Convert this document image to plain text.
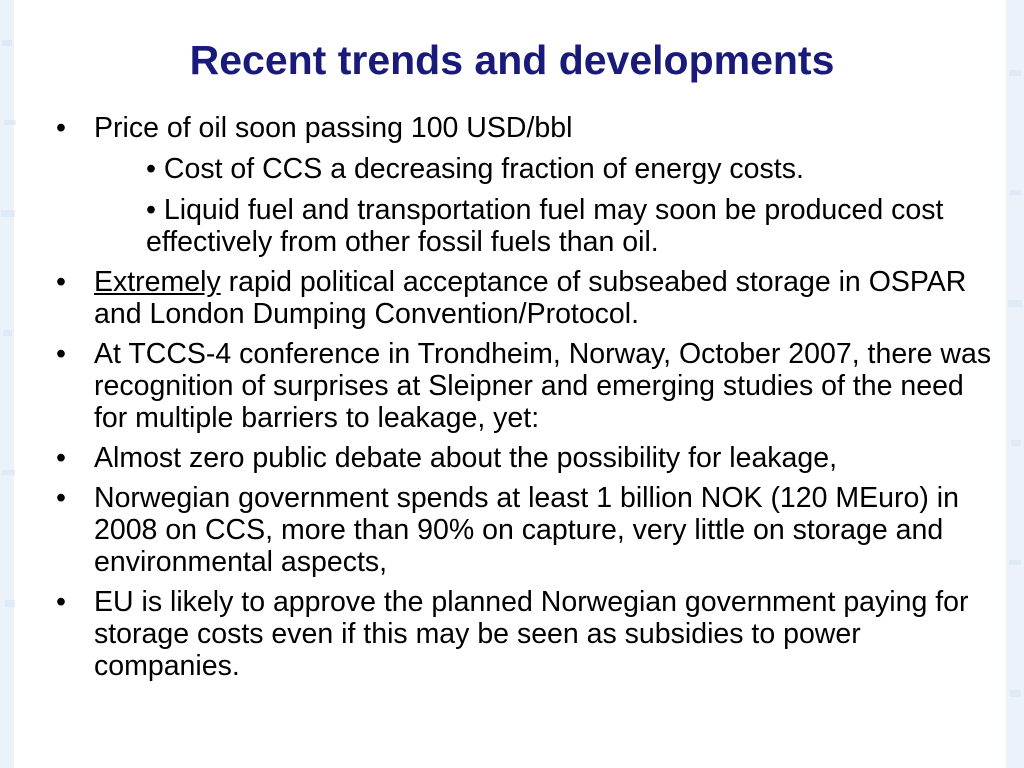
Recent trends and developments
• Price of oil soon passing 100 USD/bbl
• Cost of CCS a decreasing fraction of energy costs.
• Liquid fuel and transportation fuel may soon be produced cost effectively from other fossil fuels than oil.
• Extremely rapid political acceptance of subseabed storage in OSPAR and London Dumping Convention/Protocol.
• At TCCS-4 conference in Trondheim, Norway, October 2007, there was recognition of surprises at Sleipner and emerging studies of the need for multiple barriers to leakage, yet:
• Almost zero public debate about the possibility for leakage,
• Norwegian government spends at least 1 billion NOK (120 MEuro) in 2008 on CCS, more than 90% on capture, very little on storage and environmental aspects,
• EU is likely to approve the planned Norwegian government paying for storage costs even if this may be seen as subsidies to power companies.
